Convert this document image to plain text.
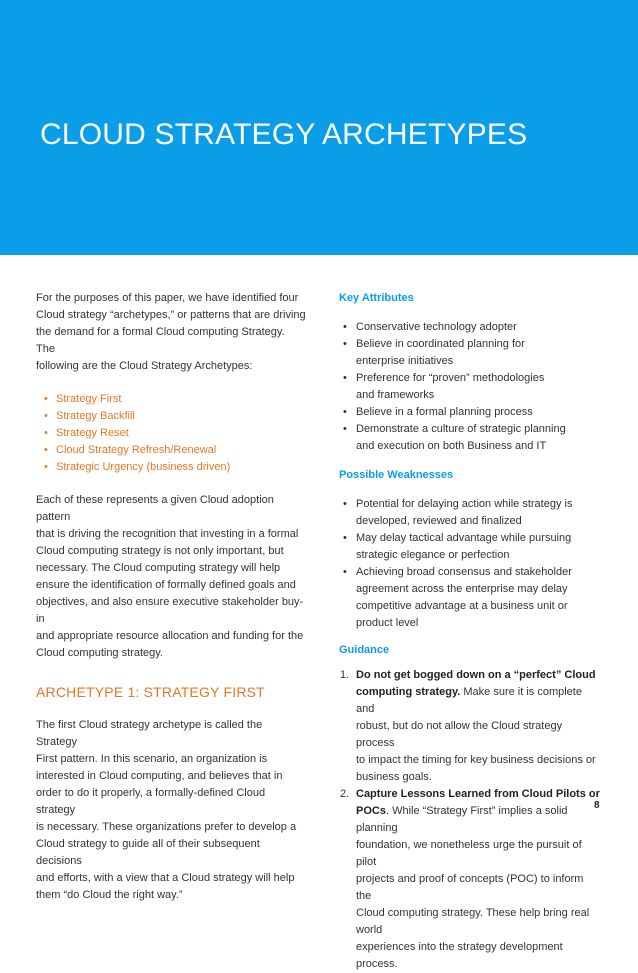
CLOUD STRATEGY ARCHETYPES

For the purposes of this paper, we have identified four
Cloud strategy “archetypes,” or patterns that are driving
the demand for a formal Cloud computing Strategy. The
following are the Cloud Strategy Archetypes:

• Strategy First
• Strategy Backfill
• Strategy Reset
• Cloud Strategy Refresh/Renewal
• Strategic Urgency (business driven)

Each of these represents a given Cloud adoption pattern
that is driving the recognition that investing in a formal
Cloud computing strategy is not only important, but
necessary. The Cloud computing strategy will help
ensure the identification of formally defined goals and
objectives, and also ensure executive stakeholder buy-in
and appropriate resource allocation and funding for the
Cloud computing strategy.

ARCHETYPE 1: STRATEGY FIRST

The first Cloud strategy archetype is called the Strategy
First pattern. In this scenario, an organization is
interested in Cloud computing, and believes that in
order to do it properly, a formally-defined Cloud strategy
is necessary. These organizations prefer to develop a
Cloud strategy to guide all of their subsequent decisions
and efforts, with a view that a Cloud strategy will help
them “do Cloud the right way.”

Key Attributes
• Conservative technology adopter
• Believe in coordinated planning for
enterprise initiatives
• Preference for “proven” methodologies
and frameworks
• Believe in a formal planning process
• Demonstrate a culture of strategic planning
and execution on both Business and IT
Possible Weaknesses
• Potential for delaying action while strategy is
developed, reviewed and finalized
• May delay tactical advantage while pursuing
strategic elegance or perfection
• Achieving broad consensus and stakeholder
agreement across the enterprise may delay
competitive advantage at a business unit or
product level
Guidance
1. Do not get bogged down on a “perfect” Cloud
computing strategy. Make sure it is complete and
robust, but do not allow the Cloud strategy process
to impact the timing for key business decisions or
business goals.
2. Capture Lessons Learned from Cloud Pilots or
POCs. While “Strategy First” implies a solid planning
foundation, we nonetheless urge the pursuit of pilot
projects and proof of concepts (POC) to inform the
Cloud computing strategy. These help bring real world
experiences into the strategy development process.
8
